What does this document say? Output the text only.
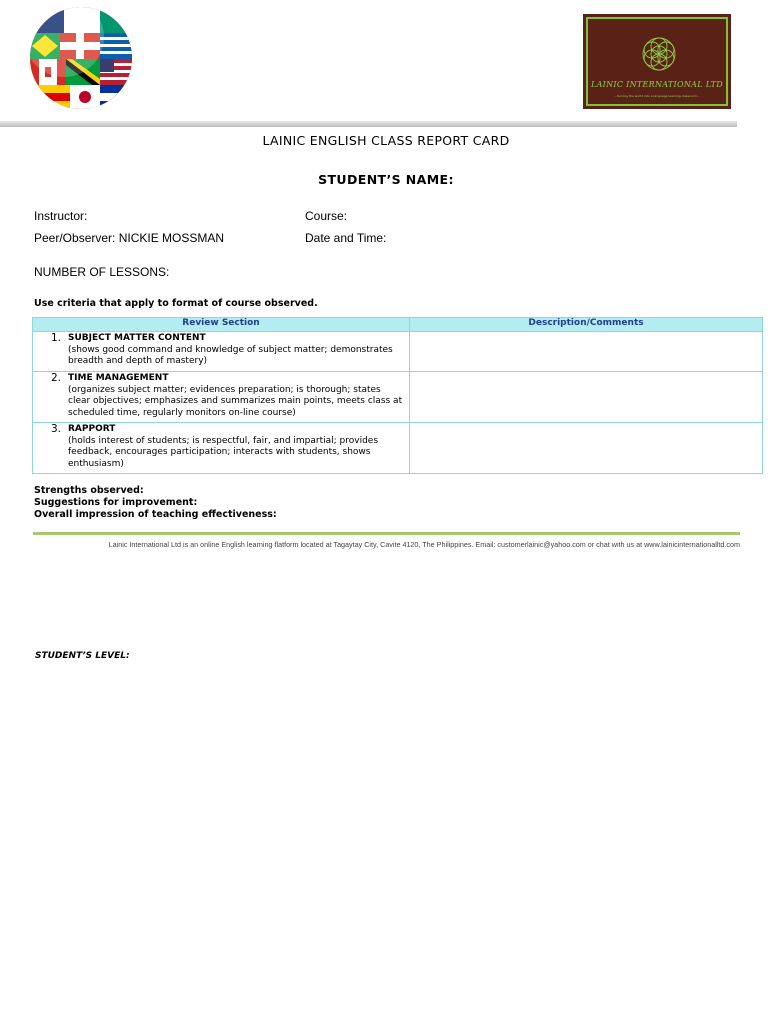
LAINIC INTERNATIONAL LTD
...turning the world into a language learning classroom...
LAINIC ENGLISH CLASS REPORT CARD
STUDENT’S NAME:
Instructor:	Course:
Peer/Observer: NICKIE MOSSMAN	Date and Time:
NUMBER OF LESSONS:
Use criteria that apply to format of course observed.
Review Section	Description/Comments

1. SUBJECT MATTER CONTENT
(shows good command and knowledge of subject matter; demonstrates breadth and depth of mastery)	

2. TIME MANAGEMENT
(organizes subject matter; evidences preparation; is thorough; states clear objectives; emphasizes and summarizes main points, meets class at scheduled time, regularly monitors on-line course)	

3. RAPPORT
(holds interest of students; is respectful, fair, and impartial; provides feedback, encourages participation; interacts with students, shows enthusiasm)	

Strengths observed:
Suggestions for improvement:
Overall impression of teaching effectiveness:
Lainic International Ltd is an online English learning flatform located at Tagaytay City, Cavite 4120, The Philippines. Email: customerlainic@yahoo.com or chat with us at www.lainicinternationalltd.com
STUDENT’S LEVEL:
